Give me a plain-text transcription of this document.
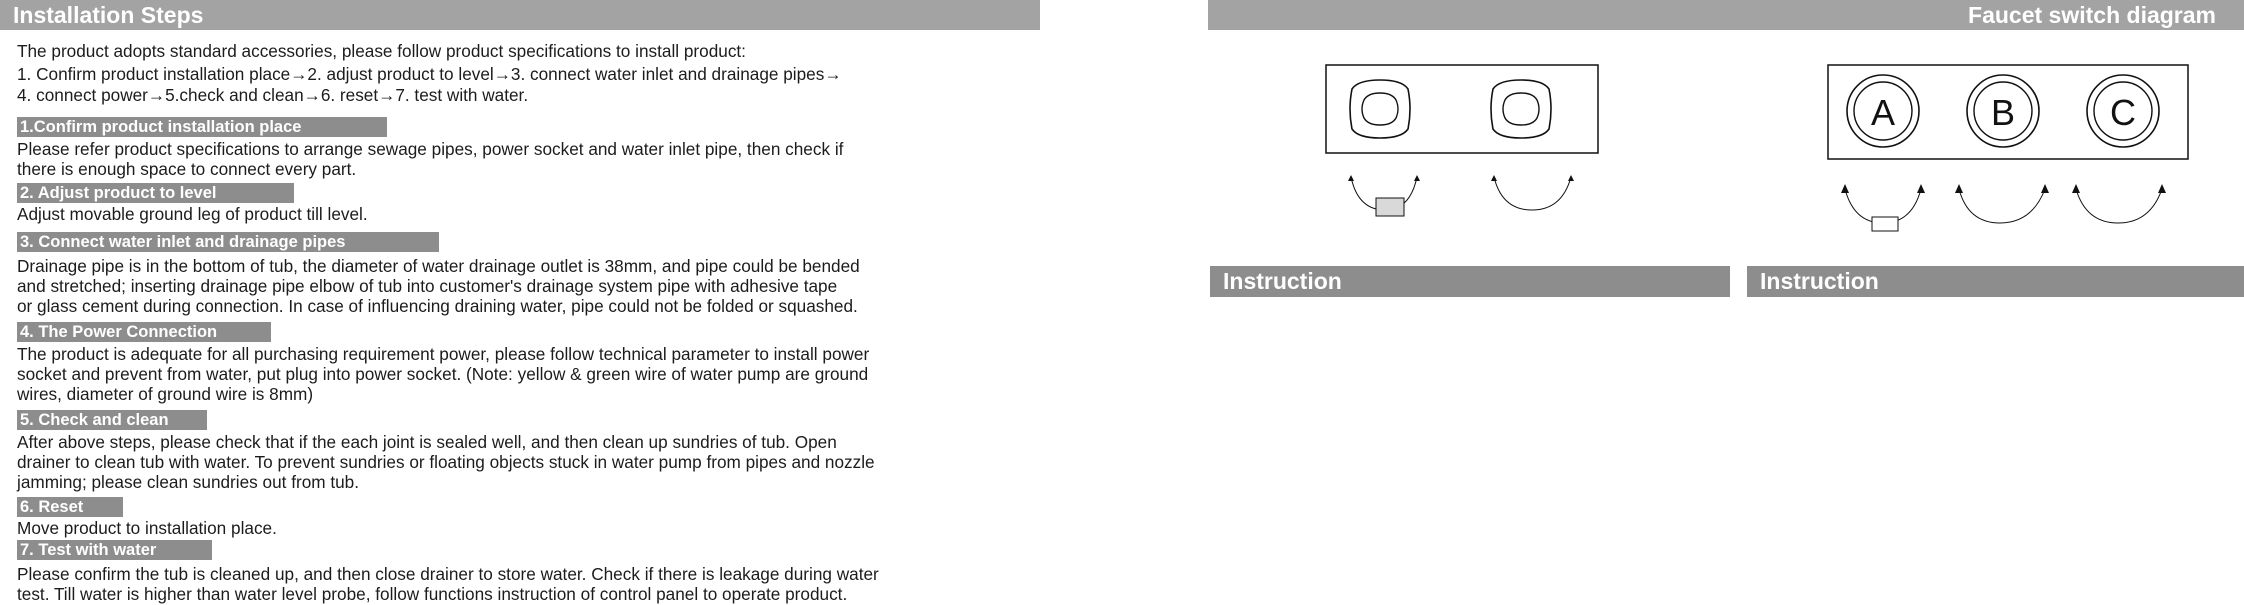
Installation Steps

The product adopts standard accessories, please follow product specifications to install product:

1. Confirm product installation place→2. adjust product to level→3. connect water inlet and drainage pipes→

4. connect power→5.check and clean→6. reset→7. test with water.

1.Confirm product installation place

Please refer product specifications to arrange sewage pipes, power socket and water inlet pipe, then check if

there is enough space to connect every part.

2. Adjust product to level

Adjust movable ground leg of product till level.

3. Connect water inlet and drainage pipes

Drainage pipe is in the bottom of tub, the diameter of water drainage outlet is 38mm, and pipe could be bended

and stretched; inserting drainage pipe elbow of tub into customer's drainage system pipe with adhesive tape

or glass cement during connection. In case of influencing draining water, pipe could not be folded or squashed.

4. The Power Connection

The product is adequate for all purchasing requirement power, please follow technical parameter to install power

socket and prevent from water, put plug into power socket. (Note: yellow & green wire of water pump are ground

wires, diameter of ground wire is 8mm)

5. Check and clean

After above steps, please check that if the each joint is sealed well, and then clean up sundries of tub. Open

drainer to clean tub with water. To prevent sundries or floating objects stuck in water pump from pipes and nozzle

jamming; please clean sundries out from tub.

6. Reset

Move product to installation place.

7. Test with water

Please confirm the tub is cleaned up, and then close drainer to store water. Check if there is leakage during water

test. Till water is higher than water level probe, follow functions instruction of control panel to operate product.

Faucet switch diagram
A	B	C
Instruction	Instruction
